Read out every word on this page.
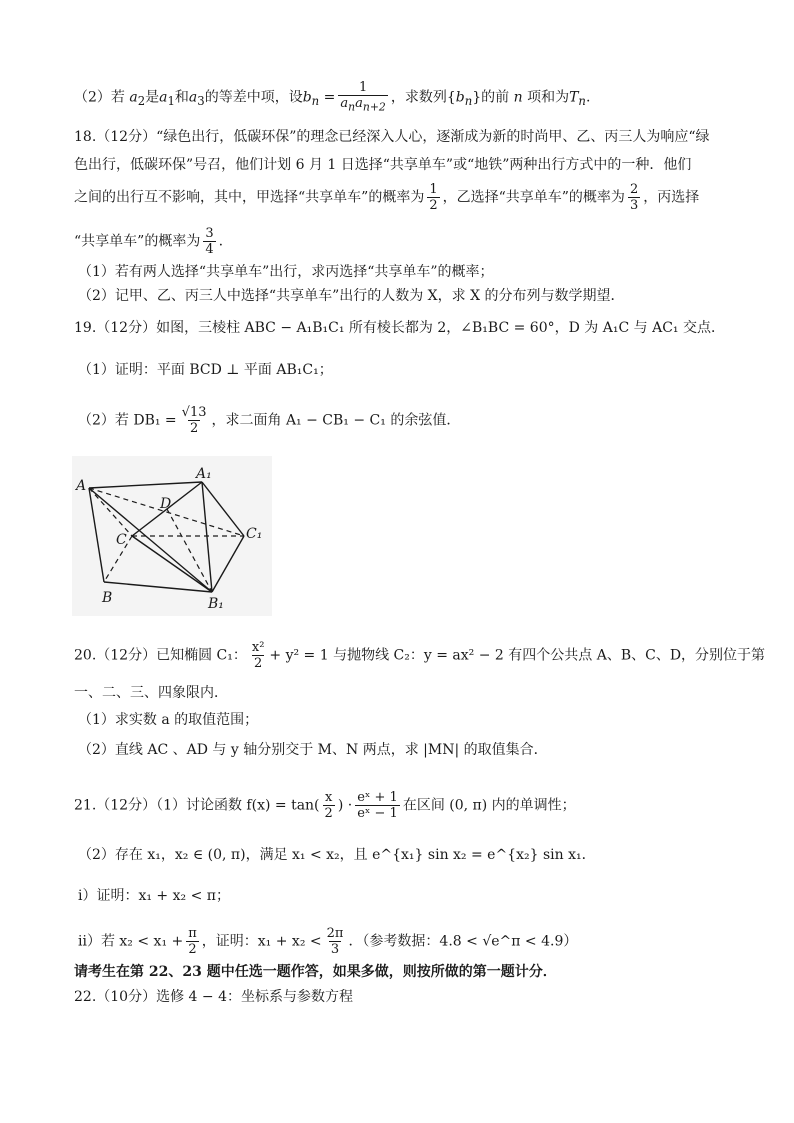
（2）若 $a_2$是$a_1$和$a_3$的等差中项，设$b_n = \frac{1}{a_na_{n+2}}$ ，求数列$\{b_n\}$的前 n 项和为$T_n$.
18.（12分）“绿色出行，低碳环保”的理念已经深入人心，逐渐成为新的时尚甲、乙、丙三人为响应“绿
色出行，低碳环保”号召，他们计划 6 月 1 日选择“共享单车”或“地铁”两种出行方式中的一种．他们
之间的出行互不影响，其中，甲选择“共享单车”的概率为 $\frac{1}{2}$ ，乙选择“共享单车”的概率为 $\frac{2}{3}$ ，丙选择
“共享单车”的概率为 $\frac{3}{4}$ .
（1）若有两人选择“共享单车”出行，求丙选择“共享单车”的概率；
（2）记甲、乙、丙三人中选择“共享单车”出行的人数为 X，求 X 的分布列与数学期望．
19.（12分）如图，三棱柱 ABC − A₁B₁C₁ 所有棱长都为 2，∠B₁BC = 60°，D 为 A₁C 与 AC₁ 交点．
（1）证明：平面 BCD ⊥ 平面 AB₁C₁；
（2）若 $DB_1 = \frac{√13}{2}$ ，求二面角 A₁ − CB₁ − C₁ 的余弦值．
A
A₁
D
C	C₁
B	B₁
20.（12分）已知椭圆 C₁： $\frac{\text{x²}}{2} + y^2 = 1$ 与抛物线 C₂：y = ax² − 2 有四个公共点 A、B、C、D，分别位于第
一、二、三、四象限内．
（1）求实数 a 的取值范围；
（2）直线 AC 、AD 与 y 轴分别交于 M、N 两点，求 |MN| 的取值集合．
21.（12分）（1）讨论函数 $f(x) = \tan( \frac{x}{2}$ ) · $\frac{\text{eˣ + 1}}{\text{eˣ − 1}}$ 在区间 (0, π) 内的单调性；
（2）存在 x₁，x₂ ∈ (0, π)，满足 x₁ < x₂，且 e^{x₁} sin x₂ = e^{x₂} sin x₁．
ⅰ）证明：x₁ + x₂ < π；
ⅱ）若 $x_2 < x_1 + \frac{\pi}{2}$ ，证明：$x_1 + x_2 < \frac{2\pi}{3}$ ．（参考数据：4.8 < √e^π < 4.9）
请考生在第 22、23 题中任选一题作答，如果多做，则按所做的第一题计分．
22.（10分）选修 4 − 4：坐标系与参数方程
